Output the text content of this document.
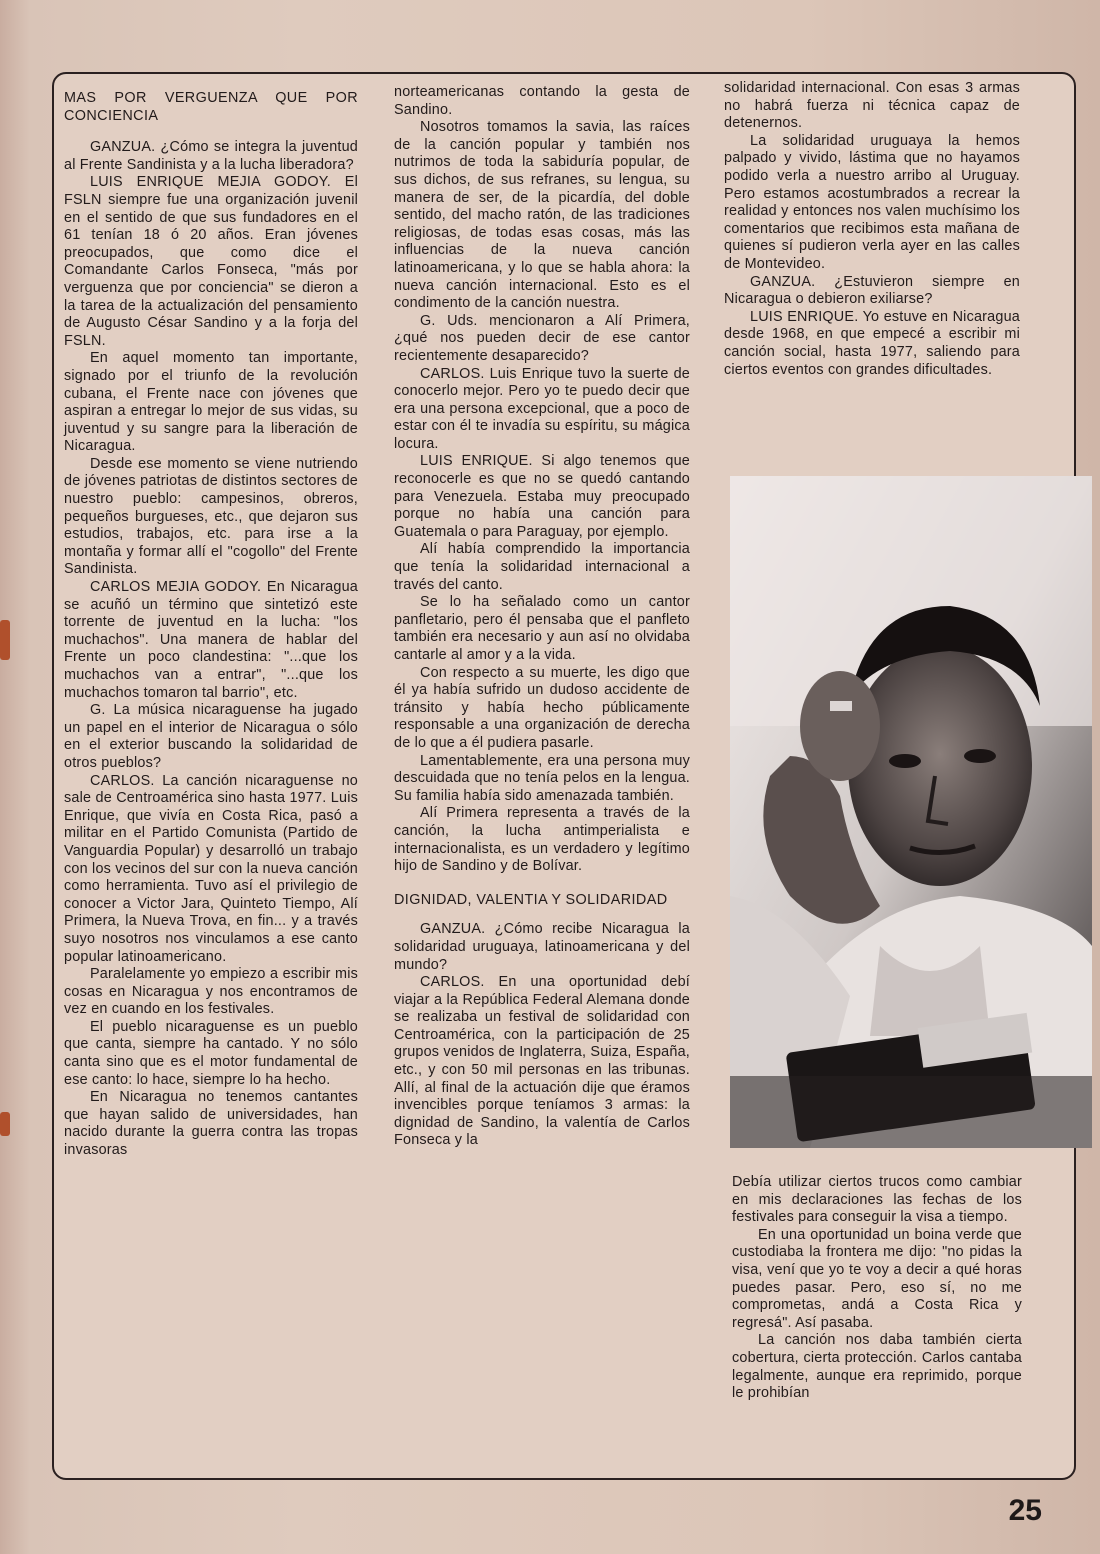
MAS POR VERGUENZA QUE POR CONCIENCIA

GANZUA. ¿Cómo se integra la juventud al Frente Sandinista y a la lucha liberadora?

LUIS ENRIQUE MEJIA GODOY. El FSLN siempre fue una organización juvenil en el sentido de que sus fundadores en el 61 tenían 18 ó 20 años. Eran jóvenes preocupados, que como dice el Comandante Carlos Fonseca, "más por verguenza que por conciencia" se dieron a la tarea de la actualización del pensamiento de Augusto César Sandino y a la forja del FSLN.

En aquel momento tan importante, signado por el triunfo de la revolución cubana, el Frente nace con jóvenes que aspiran a entregar lo mejor de sus vidas, su juventud y su sangre para la liberación de Nicaragua.

Desde ese momento se viene nutriendo de jóvenes patriotas de distintos sectores de nuestro pueblo: campesinos, obreros, pequeños burgueses, etc., que dejaron sus estudios, trabajos, etc. para irse a la montaña y formar allí el "cogollo" del Frente Sandinista.

CARLOS MEJIA GODOY. En Nicaragua se acuñó un término que sintetizó este torrente de juventud en la lucha: "los muchachos". Una manera de hablar del Frente un poco clandestina: "...que los muchachos van a entrar", "...que los muchachos tomaron tal barrio", etc.

G. La música nicaraguense ha jugado un papel en el interior de Nicaragua o sólo en el exterior buscando la solidaridad de otros pueblos?

CARLOS. La canción nicaraguense no sale de Centroamérica sino hasta 1977. Luis Enrique, que vivía en Costa Rica, pasó a militar en el Partido Comunista (Partido de Vanguardia Popular) y desarrolló un trabajo con los vecinos del sur con la nueva canción como herramienta. Tuvo así el privilegio de conocer a Victor Jara, Quinteto Tiempo, Alí Primera, la Nueva Trova, en fin... y a través suyo nosotros nos vinculamos a ese canto popular latinoamericano.

Paralelamente yo empiezo a escribir mis cosas en Nicaragua y nos encontramos de vez en cuando en los festivales.

El pueblo nicaraguense es un pueblo que canta, siempre ha cantado. Y no sólo canta sino que es el motor fundamental de ese canto: lo hace, siempre lo ha hecho.

En Nicaragua no tenemos cantantes que hayan salido de universidades, han nacido durante la guerra contra las tropas invasoras

norteamericanas contando la gesta de Sandino.

Nosotros tomamos la savia, las raíces de la canción popular y también nos nutrimos de toda la sabiduría popular, de sus dichos, de sus refranes, su lengua, su manera de ser, de la picardía, del doble sentido, del macho ratón, de las tradiciones religiosas, de todas esas cosas, más las influencias de la nueva canción latinoamericana, y lo que se habla ahora: la nueva canción internacional. Esto es el condimento de la canción nuestra.

G. Uds. mencionaron a Alí Primera, ¿qué nos pueden decir de ese cantor recientemente desaparecido?

CARLOS. Luis Enrique tuvo la suerte de conocerlo mejor. Pero yo te puedo decir que era una persona excepcional, que a poco de estar con él te invadía su espíritu, su mágica locura.

LUIS ENRIQUE. Si algo tenemos que reconocerle es que no se quedó cantando para Venezuela. Estaba muy preocupado porque no había una canción para Guatemala o para Paraguay, por ejemplo.

Alí había comprendido la importancia que tenía la solidaridad internacional a través del canto.

Se lo ha señalado como un cantor panfletario, pero él pensaba que el panfleto también era necesario y aun así no olvidaba cantarle al amor y a la vida.

Con respecto a su muerte, les digo que él ya había sufrido un dudoso accidente de tránsito y había hecho públicamente responsable a una organización de derecha de lo que a él pudiera pasarle.

Lamentablemente, era una persona muy descuidada que no tenía pelos en la lengua. Su familia había sido amenazada también.

Alí Primera representa a través de la canción, la lucha antimperialista e internacionalista, es un verdadero y legítimo hijo de Sandino y de Bolívar.

DIGNIDAD, VALENTIA Y SOLIDARIDAD

GANZUA. ¿Cómo recibe Nicaragua la solidaridad uruguaya, latinoamericana y del mundo?

CARLOS. En una oportunidad debí viajar a la República Federal Alemana donde se realizaba un festival de solidaridad con Centroamérica, con la participación de 25 grupos venidos de Inglaterra, Suiza, España, etc., y con 50 mil personas en las tribunas. Allí, al final de la actuación dije que éramos invencibles porque teníamos 3 armas: la dignidad de Sandino, la valentía de Carlos Fonseca y la

solidaridad internacional. Con esas 3 armas no habrá fuerza ni técnica capaz de detenernos.

La solidaridad uruguaya la hemos palpado y vivido, lástima que no hayamos podido verla a nuestro arribo al Uruguay. Pero estamos acostumbrados a recrear la realidad y entonces nos valen muchísimo los comentarios que recibimos esta mañana de quienes sí pudieron verla ayer en las calles de Montevideo.

GANZUA. ¿Estuvieron siempre en Nicaragua o debieron exiliarse?

LUIS ENRIQUE. Yo estuve en Nicaragua desde 1968, en que empecé a escribir mi canción social, hasta 1977, saliendo para ciertos eventos con grandes dificultades.

Debía utilizar ciertos trucos como cambiar en mis declaraciones las fechas de los festivales para conseguir la visa a tiempo.

En una oportunidad un boina verde que custodiaba la frontera me dijo: "no pidas la visa, vení que yo te voy a decir a qué horas puedes pasar. Pero, eso sí, no me comprometas, andá a Costa Rica y regresá". Así pasaba.

La canción nos daba también cierta cobertura, cierta protección. Carlos cantaba legalmente, aunque era reprimido, porque le prohibían

25
